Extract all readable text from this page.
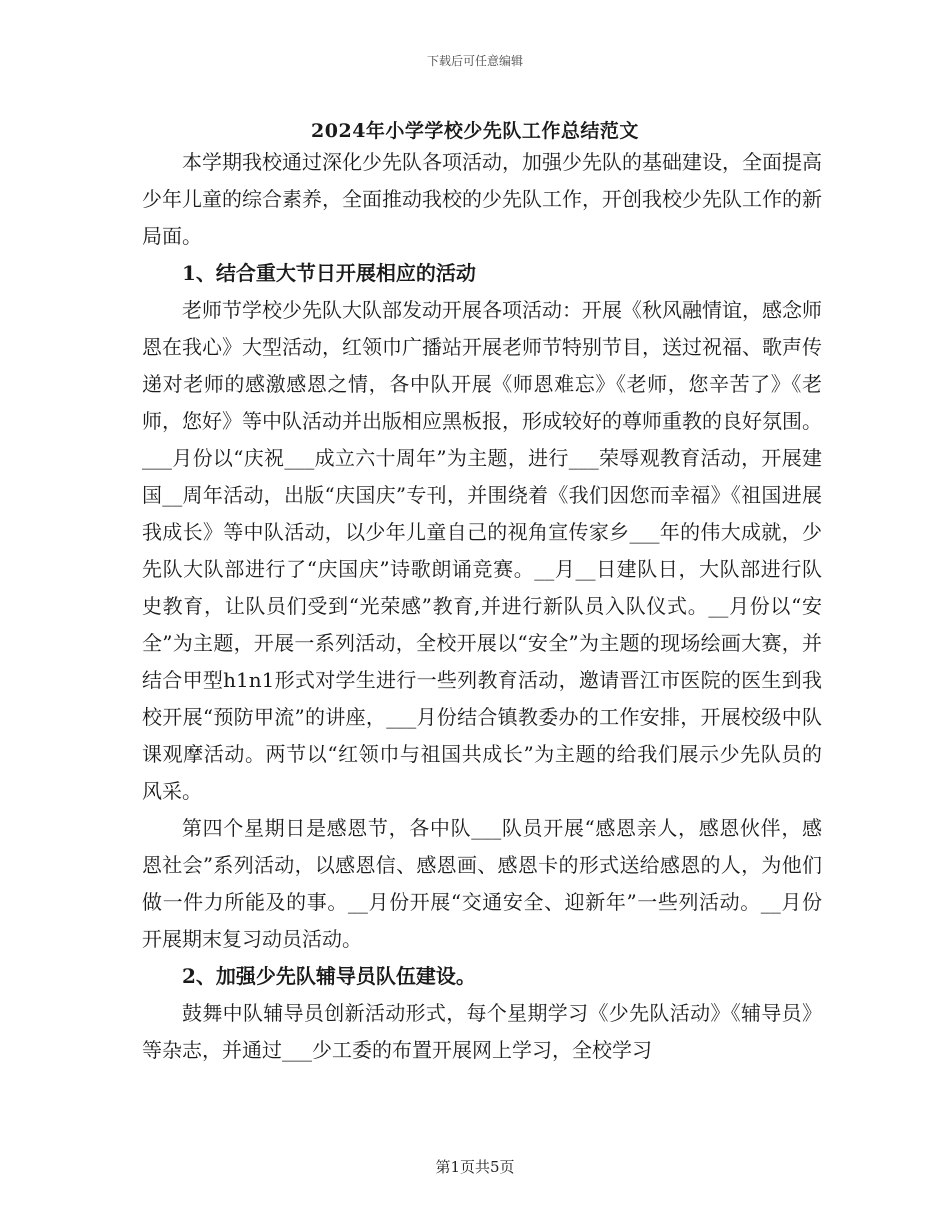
下载后可任意编辑
2024年小学学校少先队工作总结范文

本学期我校通过深化少先队各项活动，加强少先队的基础建设，全面提高少年儿童的综合素养，全面推动我校的少先队工作，开创我校少先队工作的新局面。

1、结合重大节日开展相应的活动

老师节学校少先队大队部发动开展各项活动：开展《秋风融情谊，感念师恩在我心》大型活动，红领巾广播站开展老师节特别节目，送过祝福、歌声传递对老师的感激感恩之情，各中队开展《师恩难忘》《老师，您辛苦了》《老师，您好》等中队活动并出版相应黑板报，形成较好的尊师重教的良好氛围。___月份以“庆祝___成立六十周年”为主题，进行___荣辱观教育活动，开展建国__周年活动，出版“庆国庆”专刊，并围绕着《我们因您而幸福》《祖国进展我成长》等中队活动，以少年儿童自己的视角宣传家乡___年的伟大成就，少先队大队部进行了“庆国庆”诗歌朗诵竞赛。__月__日建队日，大队部进行队史教育，让队员们受到“光荣感”教育,并进行新队员入队仪式。__月份以“安全”为主题，开展一系列活动，全校开展以“安全”为主题的现场绘画大赛，并结合甲型h1n1形式对学生进行一些列教育活动，邀请晋江市医院的医生到我校开展“预防甲流”的讲座，___月份结合镇教委办的工作安排，开展校级中队课观摩活动。两节以“红领巾与祖国共成长”为主题的给我们展示少先队员的风采。

第四个星期日是感恩节，各中队___队员开展“感恩亲人，感恩伙伴，感恩社会”系列活动，以感恩信、感恩画、感恩卡的形式送给感恩的人，为他们做一件力所能及的事。__月份开展“交通安全、迎新年”一些列活动。__月份开展期末复习动员活动。

2、加强少先队辅导员队伍建设。

鼓舞中队辅导员创新活动形式，每个星期学习《少先队活动》《辅导员》等杂志，并通过___少工委的布置开展网上学习，全校学习

第1页共5页
